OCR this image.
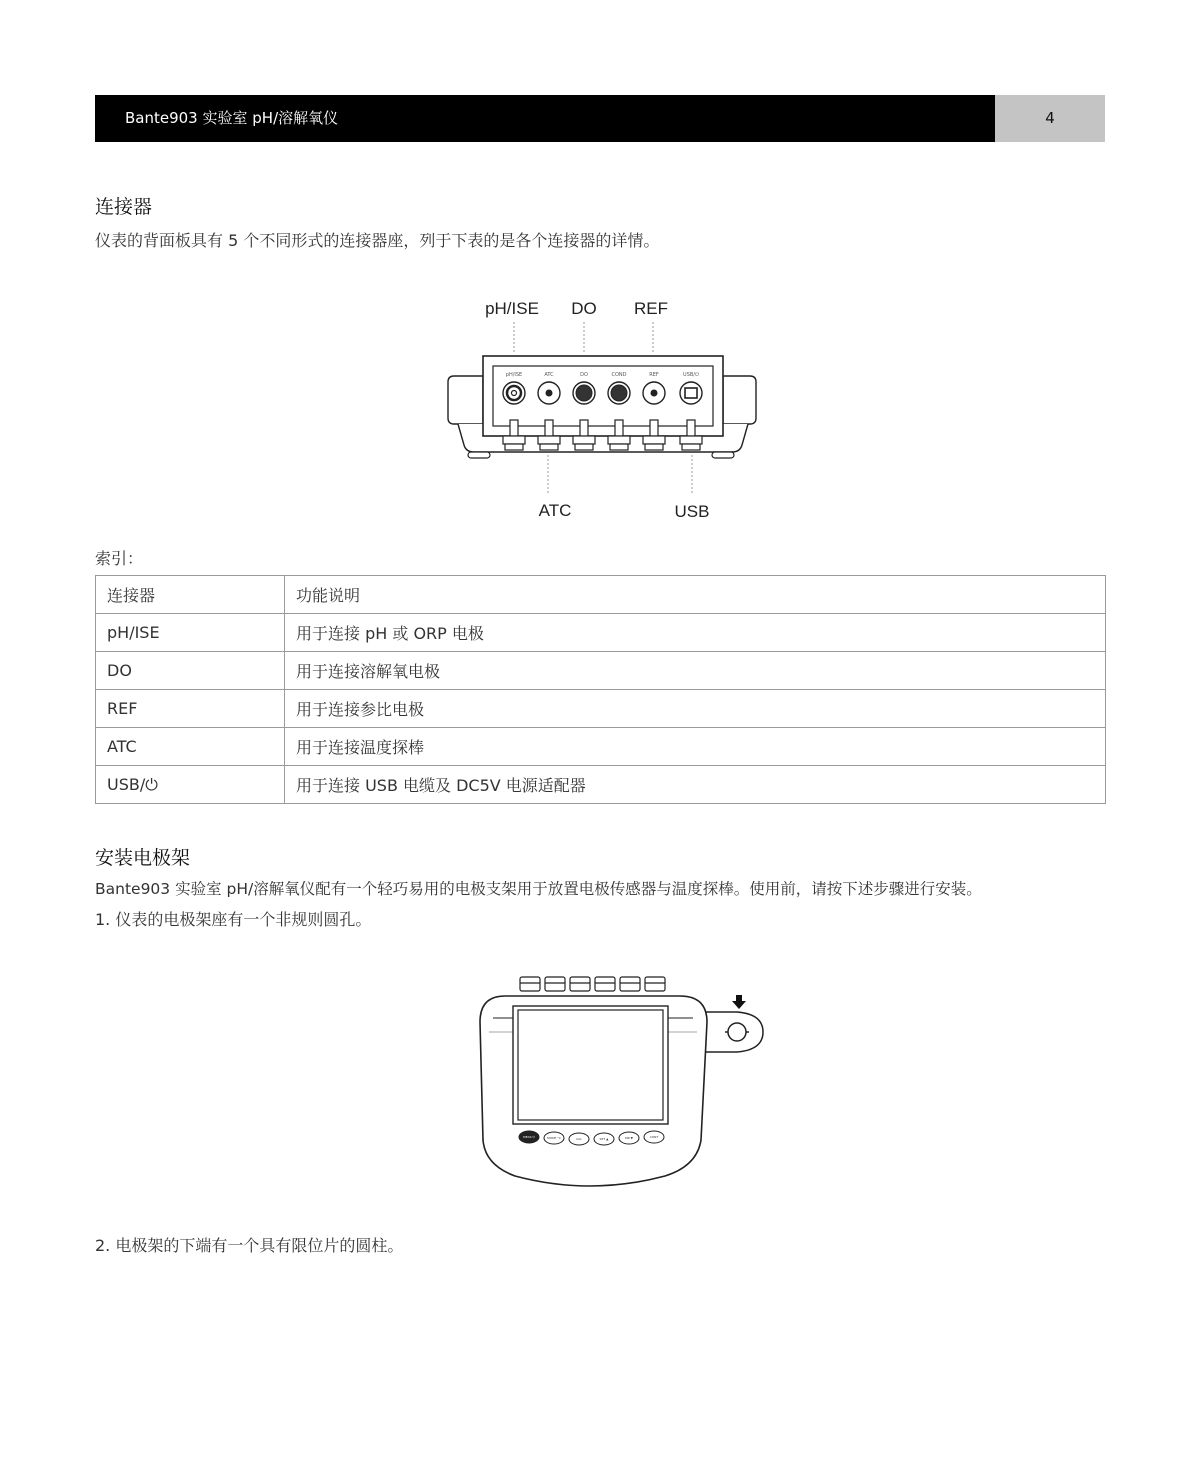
Bante903 实验室 pH/溶解氧仪	4
连接器
仪表的背面板具有 5 个不同形式的连接器座，列于下表的是各个连接器的详情。
pH/ISE DO REF
pH/ISE	ATC	DO	COND	REF	USB/⏻
ATC	USB
索引：
连接器	功能说明
pH/ISE	用于连接 pH 或 ORP 电极
DO	用于连接溶解氧电极
REF	用于连接参比电极
ATC	用于连接温度探棒
USB/⏻	用于连接 USB 电缆及 DC5V 电源适配器
安装电极架
Bante903 实验室 pH/溶解氧仪配有一个轻巧易用的电极支架用于放置电极传感器与温度探棒。使用前，请按下述步骤进行安装。
1. 仪表的电极架座有一个非规则圆孔。
MEAS ⏻	MODE °C	CAL	SET ▲	MR ▼	CONT
2. 电极架的下端有一个具有限位片的圆柱。
